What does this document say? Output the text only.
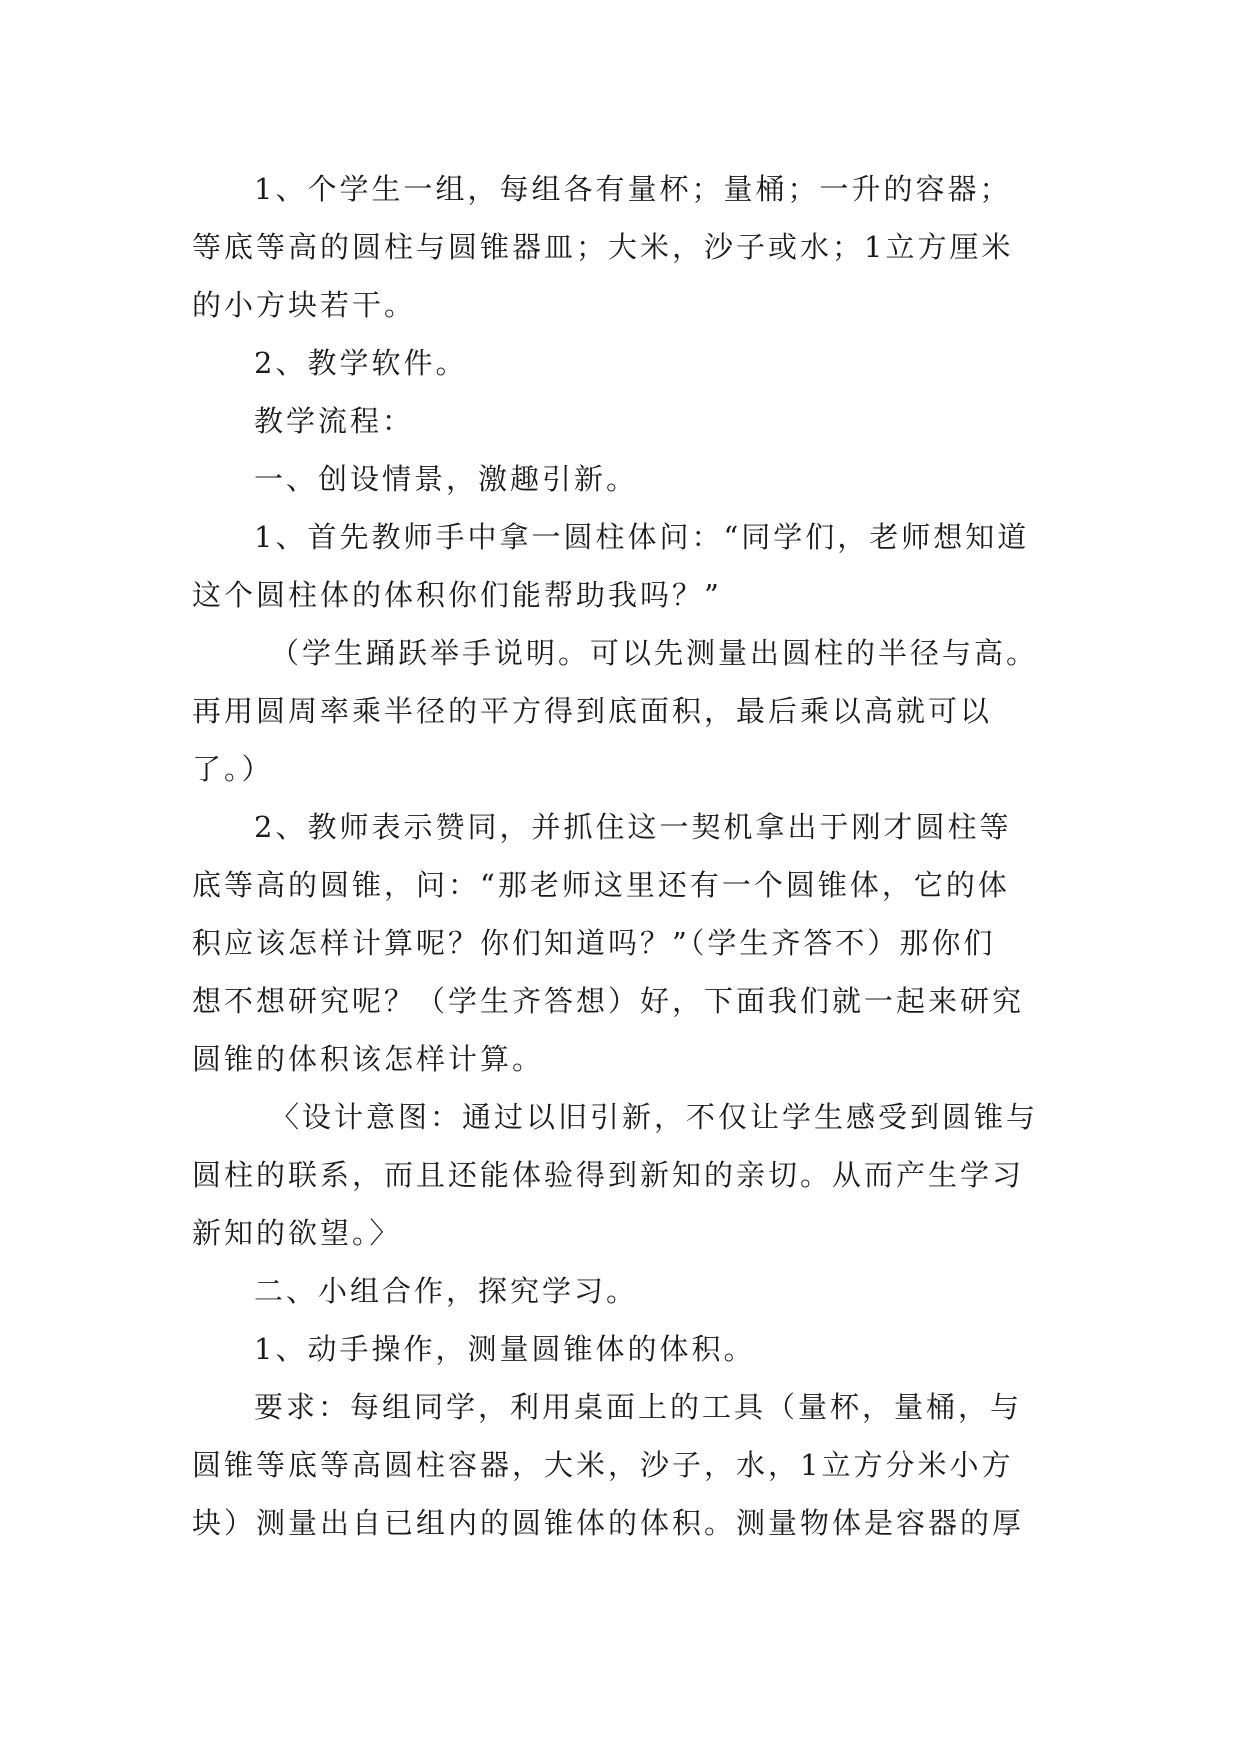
1、个学生一组，每组各有量杯；量桶；一升的容器；
等底等高的圆柱与圆锥器皿；大米，沙子或水；1立方厘米
的小方块若干。

2、教学软件。

教学流程：

一、创设情景，激趣引新。

1、首先教师手中拿一圆柱体问：“同学们，老师想知道
这个圆柱体的体积你们能帮助我吗？”

（学生踊跃举手说明。可以先测量出圆柱的半径与高。
再用圆周率乘半径的平方得到底面积，最后乘以高就可以
了。）

2、教师表示赞同，并抓住这一契机拿出于刚才圆柱等
底等高的圆锥，问：“那老师这里还有一个圆锥体，它的体
积应该怎样计算呢？你们知道吗？”（学生齐答不）那你们
想不想研究呢？（学生齐答想）好，下面我们就一起来研究
圆锥的体积该怎样计算。

〈设计意图：通过以旧引新，不仅让学生感受到圆锥与
圆柱的联系，而且还能体验得到新知的亲切。从而产生学习
新知的欲望。〉

二、小组合作，探究学习。

1、动手操作，测量圆锥体的体积。

要求：每组同学，利用桌面上的工具（量杯，量桶，与
圆锥等底等高圆柱容器，大米，沙子，水，1立方分米小方
块）测量出自已组内的圆锥体的体积。测量物体是容器的厚
